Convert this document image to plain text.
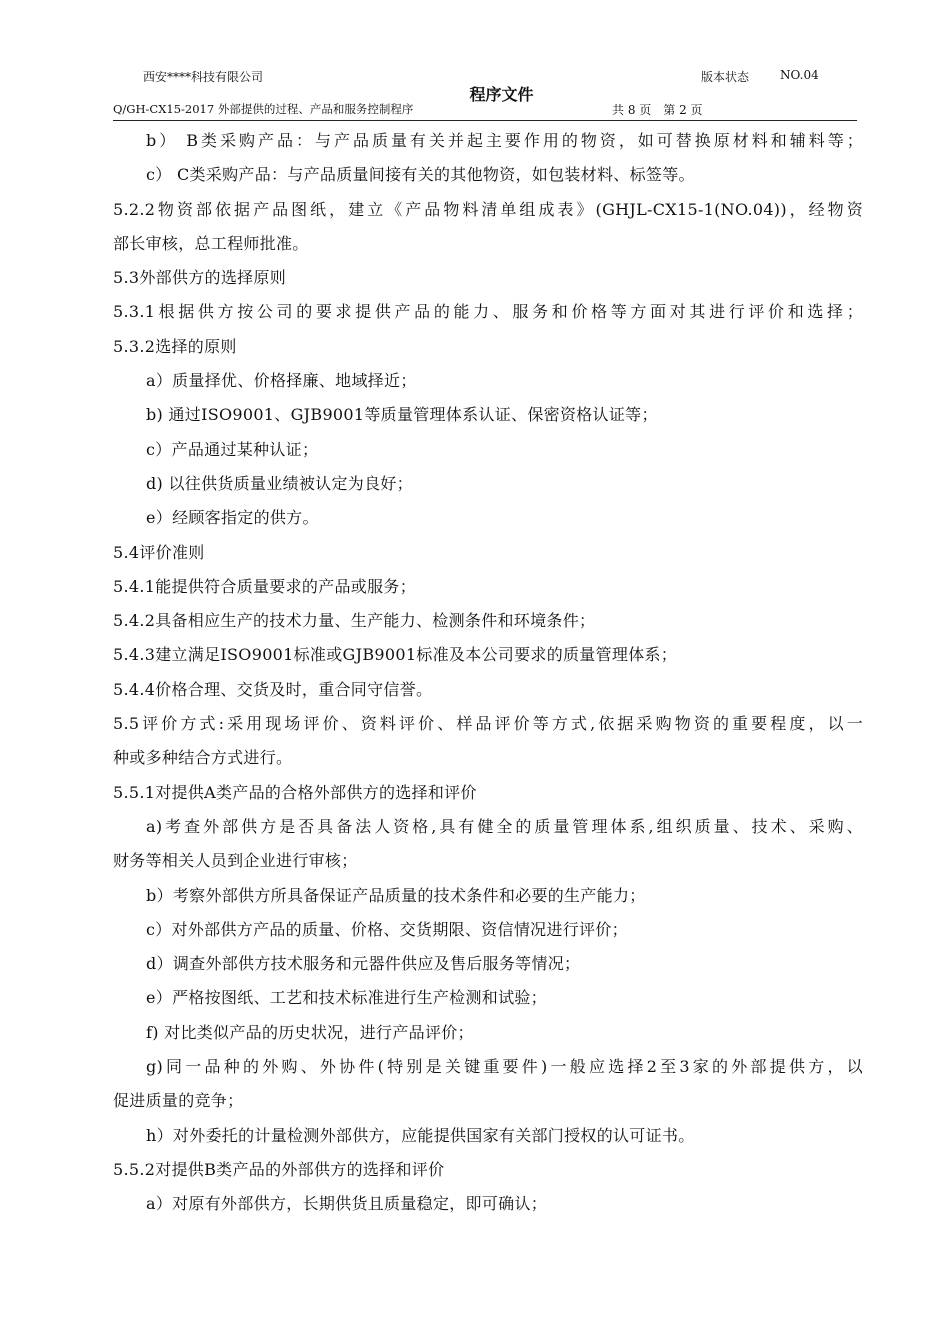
西安****科技有限公司	版本状态	NO.04
程序文件
Q/GH-CX15-2017 外部提供的过程、产品和服务控制程序	共 8 页　第 2 页
b） B类采购产品：与产品质量有关并起主要作用的物资，如可替换原材料和辅料等；
c） C类采购产品：与产品质量间接有关的其他物资，如包装材料、标签等。
5.2.2物资部依据产品图纸，建立《产品物料清单组成表》(GHJL-CX15-1(NO.04))，经物资
部长审核，总工程师批准。
5.3外部供方的选择原则
5.3.1根据供方按公司的要求提供产品的能力、服务和价格等方面对其进行评价和选择；
5.3.2选择的原则
a）质量择优、价格择廉、地域择近；
b) 通过ISO9001、GJB9001等质量管理体系认证、保密资格认证等；
c）产品通过某种认证；
d) 以往供货质量业绩被认定为良好；
e）经顾客指定的供方。
5.4评价准则
5.4.1能提供符合质量要求的产品或服务；
5.4.2具备相应生产的技术力量、生产能力、检测条件和环境条件；
5.4.3建立满足ISO9001标准或GJB9001标准及本公司要求的质量管理体系；
5.4.4价格合理、交货及时，重合同守信誉。
5.5评价方式:采用现场评价、资料评价、样品评价等方式,依据采购物资的重要程度，以一
种或多种结合方式进行。
5.5.1对提供A类产品的合格外部供方的选择和评价
a)考查外部供方是否具备法人资格,具有健全的质量管理体系,组织质量、技术、采购、
财务等相关人员到企业进行审核；
b）考察外部供方所具备保证产品质量的技术条件和必要的生产能力；
c）对外部供方产品的质量、价格、交货期限、资信情况进行评价；
d）调查外部供方技术服务和元器件供应及售后服务等情况；
e）严格按图纸、工艺和技术标准进行生产检测和试验；
f) 对比类似产品的历史状况，进行产品评价；
g)同一品种的外购、外协件(特别是关键重要件)一般应选择2至3家的外部提供方，以
促进质量的竞争；
h）对外委托的计量检测外部供方，应能提供国家有关部门授权的认可证书。
5.5.2对提供B类产品的外部供方的选择和评价
a）对原有外部供方，长期供货且质量稳定，即可确认；
